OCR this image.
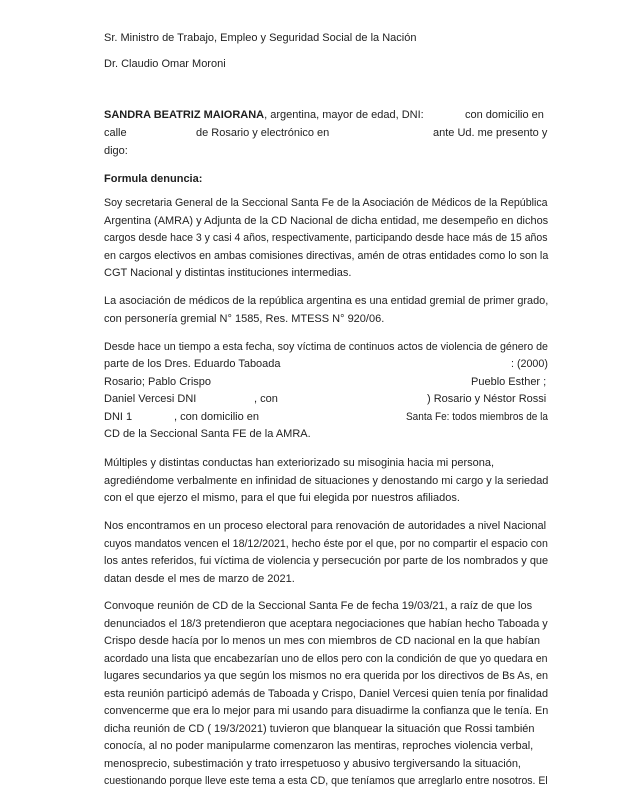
Sr. Ministro de Trabajo, Empleo y Seguridad Social de la Nación
Dr. Claudio Omar Moroni
SANDRA BEATRIZ MAIORANA, argentina, mayor de edad, DNI:	con domicilio en
calle	de Rosario y electrónico en	ante Ud. me presento y
digo:
Formula denuncia:
Soy secretaria General de la Seccional Santa Fe de la Asociación de Médicos de la República
Argentina (AMRA) y Adjunta de la CD Nacional de dicha entidad, me desempeño en dichos
cargos desde hace 3 y casi 4 años, respectivamente, participando desde hace más de 15 años
en cargos electivos en ambas comisiones directivas, amén de otras entidades como lo son la
CGT Nacional y distintas instituciones intermedias.
La asociación de médicos de la república argentina es una entidad gremial de primer grado,
con personería gremial N° 1585, Res. MTESS N° 920/06.
Desde hace un tiempo a esta fecha, soy víctima de continuos actos de violencia de género de
parte de los Dres. Eduardo Taboada	: (2000)
Rosario; Pablo Crispo	Pueblo Esther ;
Daniel Vercesi DNI	, con	) Rosario y Néstor Rossi
DNI 1	, con domicilio en	Santa Fe: todos miembros de la
CD de la Seccional Santa FE de la AMRA.
Múltiples y distintas conductas han exteriorizado su misoginia hacia mi persona,
agrediéndome verbalmente en infinidad de situaciones y denostando mi cargo y la seriedad
con el que ejerzo el mismo, para el que fui elegida por nuestros afiliados.
Nos encontramos en un proceso electoral para renovación de autoridades a nivel Nacional
cuyos mandatos vencen el 18/12/2021, hecho éste por el que, por no compartir el espacio con
los antes referidos, fui víctima de violencia y persecución por parte de los nombrados y que
datan desde el mes de marzo de 2021.
Convoque reunión de CD de la Seccional Santa Fe de fecha 19/03/21, a raíz de que los
denunciados el 18/3 pretendieron que aceptara negociaciones que habían hecho Taboada y
Crispo desde hacía por lo menos un mes con miembros de CD nacional en la que habían
acordado una lista que encabezarían uno de ellos pero con la condición de que yo quedara en
lugares secundarios ya que según los mismos no era querida por los directivos de Bs As, en
esta reunión participó además de Taboada y Crispo, Daniel Vercesi quien tenía por finalidad
convencerme que era lo mejor para mi usando para disuadirme la confianza que le tenía. En
dicha reunión de CD ( 19/3/2021) tuvieron que blanquear la situación que Rossi también
conocía, al no poder manipularme comenzaron las mentiras, reproches violencia verbal,
menosprecio, subestimación y trato irrespetuoso y abusivo tergiversando la situación,
cuestionando porque lleve este tema a esta CD, que teníamos que arreglarlo entre nosotros. El
